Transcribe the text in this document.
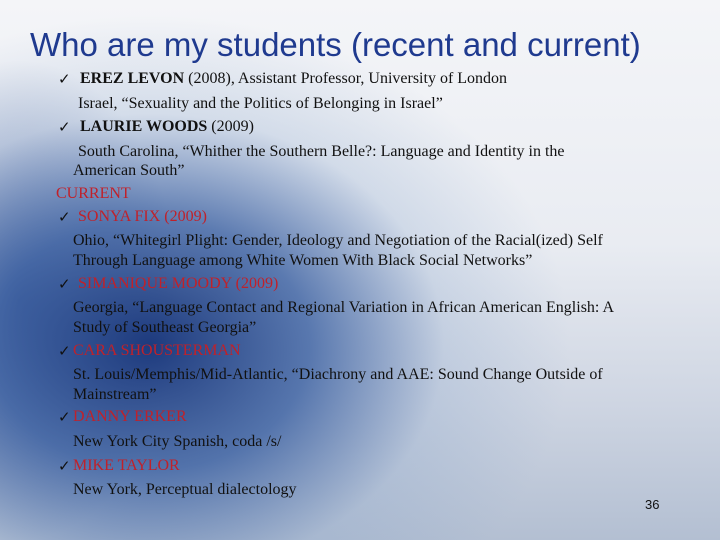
Who are my students (recent and current)
✓ EREZ LEVON (2008), Assistant Professor, University of London
Israel, “Sexuality and the Politics of Belonging in Israel”
✓ LAURIE WOODS (2009)
South Carolina, “Whither the Southern Belle?: Language and Identity in the
American South”
CURRENT
✓ SONYA FIX (2009)
Ohio, “Whitegirl Plight: Gender, Ideology and Negotiation of the Racial(ized) Self
Through Language among White Women With Black Social Networks”
✓ SIMANIQUE MOODY (2009)
Georgia, “Language Contact and Regional Variation in African American English: A
Study of Southeast Georgia”
✓ CARA SHOUSTERMAN
St. Louis/Memphis/Mid-Atlantic, “Diachrony and AAE: Sound Change Outside of
Mainstream”
✓ DANNY ERKER
New York City Spanish, coda /s/
✓ MIKE TAYLOR
New York, Perceptual dialectology
36
